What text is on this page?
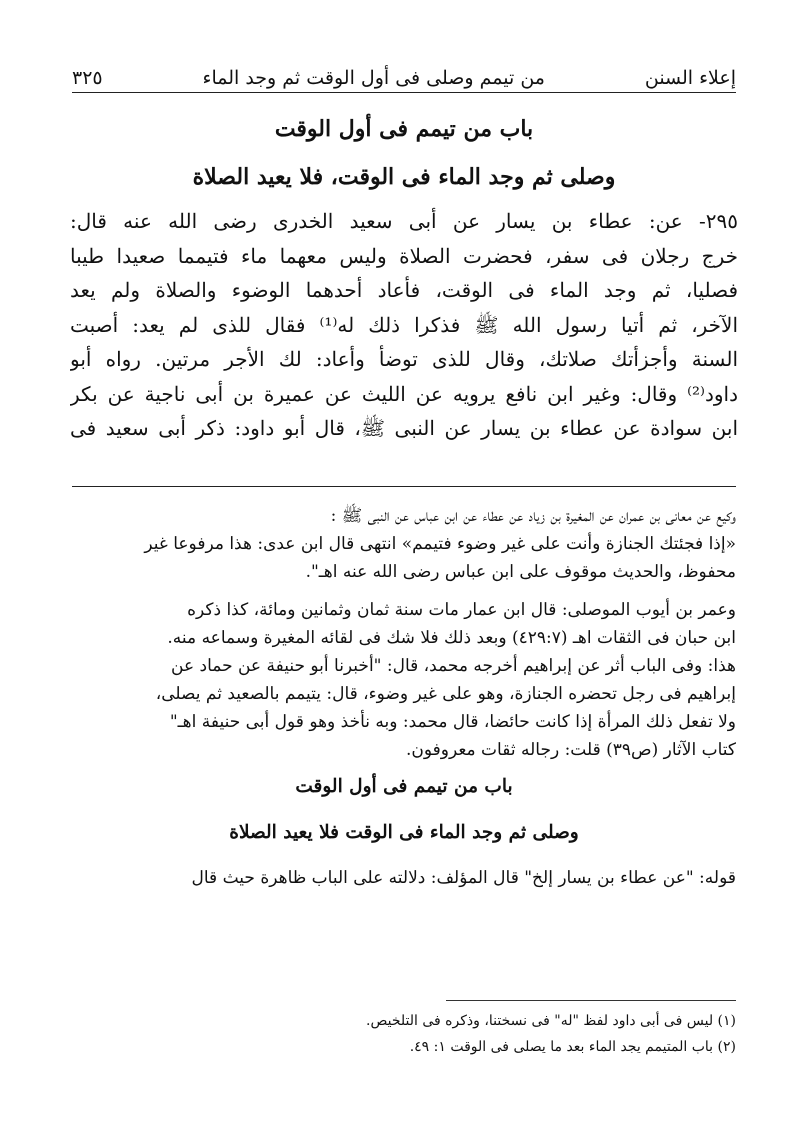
إعلاء السنن
من تيمم وصلى فى أول الوقت ثم وجد الماء
٣٢٥
باب من تيمم فى أول الوقت
وصلى ثم وجد الماء فى الوقت، فلا يعيد الصلاة
٢٩٥- عن: عطاء بن يسار عن أبى سعيد الخدرى رضى الله عنه قال:
خرج رجلان فى سفر، فحضرت الصلاة وليس معهما ماء فتيمما صعيدا طيبا
فصليا، ثم وجد الماء فى الوقت، فأعاد أحدهما الوضوء والصلاة ولم يعد
الآخر، ثم أتيا رسول الله ﷺ فذكرا ذلك له⁽¹⁾ فقال للذى لم يعد: أصبت
السنة وأجزأتك صلاتك، وقال للذى توضأ وأعاد: لك الأجر مرتين. رواه أبو
داود⁽²⁾ وقال: وغير ابن نافع يرويه عن الليث عن عميرة بن أبى ناجية عن بكر
ابن سوادة عن عطاء بن يسار عن النبى ﷺ، قال أبو داود: ذكر أبى سعيد فى

وكيع عن معانى بن عمران عن المغيرة بن زياد عن عطاء عن ابن عباس عن النبى ﷺ :
«إذا فجئتك الجنازة وأنت على غير وضوء فتيمم» انتهى قال ابن عدى: هذا مرفوعا غير
محفوظ، والحديث موقوف على ابن عباس رضى الله عنه اهـ".

وعمر بن أيوب الموصلى: قال ابن عمار مات سنة ثمان وثمانين ومائة، كذا ذكره
ابن حبان فى الثقات اهـ (٤٢٩:٧) وبعد ذلك فلا شك فى لقائه المغيرة وسماعه منه.
هذا: وفى الباب أثر عن إبراهيم أخرجه محمد، قال: "أخبرنا أبو حنيفة عن حماد عن
إبراهيم فى رجل تحضره الجنازة، وهو على غير وضوء، قال: يتيمم بالصعيد ثم يصلى،
ولا تفعل ذلك المرأة إذا كانت حائضا، قال محمد: وبه نأخذ وهو قول أبى حنيفة اهـ"
كتاب الآثار (ص٣٩) قلت: رجاله ثقات معروفون.

باب من تيمم فى أول الوقت
وصلى ثم وجد الماء فى الوقت فلا يعيد الصلاة

قوله: "عن عطاء بن يسار إلخ" قال المؤلف: دلالته على الباب ظاهرة حيث قال

(١) ليس فى أبى داود لفظ "له" فى نسختنا، وذكره فى التلخيص.
(٢) باب المتيمم يجد الماء بعد ما يصلى فى الوقت ١: ٤٩.
